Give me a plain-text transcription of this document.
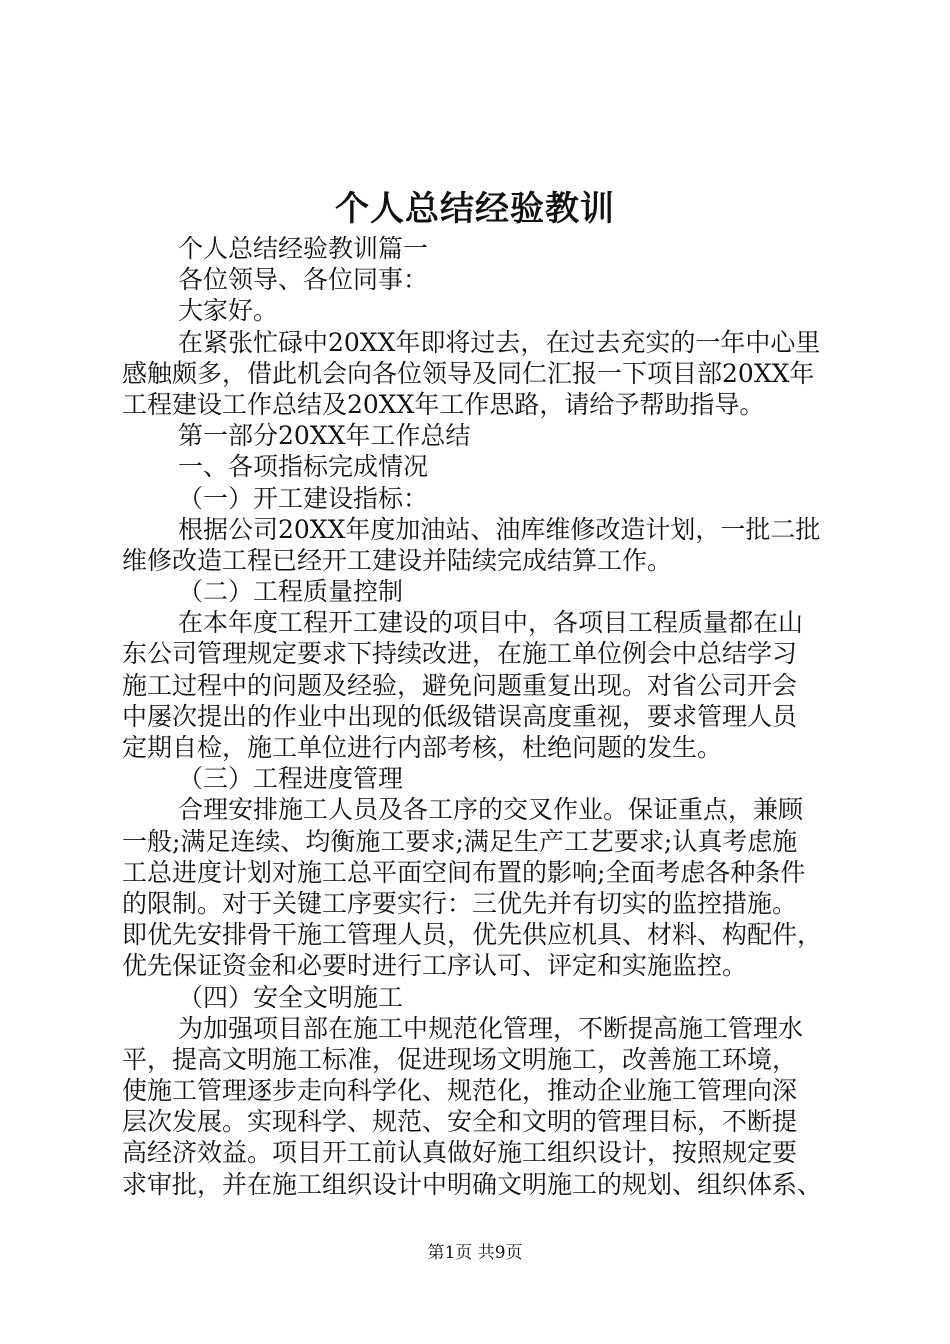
个人总结经验教训
个人总结经验教训篇一
各位领导、各位同事：
大家好。
在紧张忙碌中20XX年即将过去，在过去充实的一年中心里
感触颇多，借此机会向各位领导及同仁汇报一下项目部20XX年
工程建设工作总结及20XX年工作思路，请给予帮助指导。
第一部分20XX年工作总结
一、各项指标完成情况
（一）开工建设指标：
根据公司20XX年度加油站、油库维修改造计划，一批二批
维修改造工程已经开工建设并陆续完成结算工作。
（二）工程质量控制
在本年度工程开工建设的项目中，各项目工程质量都在山
东公司管理规定要求下持续改进，在施工单位例会中总结学习
施工过程中的问题及经验，避免问题重复出现。对省公司开会
中屡次提出的作业中出现的低级错误高度重视，要求管理人员
定期自检，施工单位进行内部考核，杜绝问题的发生。
（三）工程进度管理
合理安排施工人员及各工序的交叉作业。保证重点，兼顾
一般;满足连续、均衡施工要求;满足生产工艺要求;认真考虑施
工总进度计划对施工总平面空间布置的影响;全面考虑各种条件
的限制。对于关键工序要实行：三优先并有切实的监控措施。
即优先安排骨干施工管理人员，优先供应机具、材料、构配件，
优先保证资金和必要时进行工序认可、评定和实施监控。
（四）安全文明施工
为加强项目部在施工中规范化管理，不断提高施工管理水
平，提高文明施工标准，促进现场文明施工，改善施工环境，
使施工管理逐步走向科学化、规范化，推动企业施工管理向深
层次发展。实现科学、规范、安全和文明的管理目标，不断提
高经济效益。项目开工前认真做好施工组织设计，按照规定要
求审批，并在施工组织设计中明确文明施工的规划、组织体系、
第1页 共9页
